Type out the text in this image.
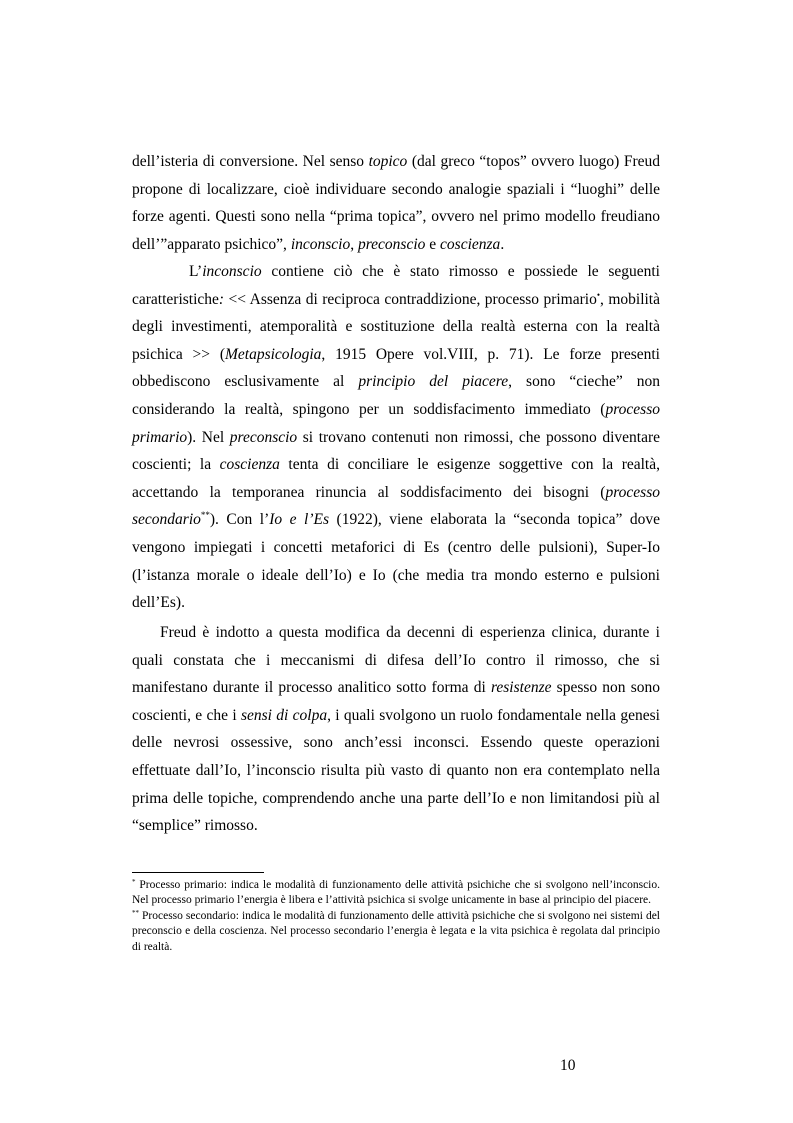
dell’isteria di conversione. Nel senso topico (dal greco “topos” ovvero luogo) Freud propone di localizzare, cioè individuare secondo analogie spaziali i “luoghi” delle forze agenti. Questi sono nella “prima topica”, ovvero nel primo modello freudiano dell’”apparato psichico”, inconscio, preconscio e coscienza.

L’inconscio contiene ciò che è stato rimosso e possiede le seguenti caratteristiche: << Assenza di reciproca contraddizione, processo primario•, mobilità degli investimenti, atemporalità e sostituzione della realtà esterna con la realtà psichica >> (Metapsicologia, 1915 Opere vol.VIII, p. 71). Le forze presenti obbediscono esclusivamente al principio del piacere, sono “cieche” non considerando la realtà, spingono per un soddisfacimento immediato (processo primario). Nel preconscio si trovano contenuti non rimossi, che possono diventare coscienti; la coscienza tenta di conciliare le esigenze soggettive con la realtà, accettando la temporanea rinuncia al soddisfacimento dei bisogni (processo secondario**). Con l’Io e l’Es (1922), viene elaborata la “seconda topica” dove vengono impiegati i concetti metaforici di Es (centro delle pulsioni), Super-Io (l’istanza morale o ideale dell’Io) e Io (che media tra mondo esterno e pulsioni dell’Es).

Freud è indotto a questa modifica da decenni di esperienza clinica, durante i quali constata che i meccanismi di difesa dell’Io contro il rimosso, che si manifestano durante il processo analitico sotto forma di resistenze spesso non sono coscienti, e che i sensi di colpa, i quali svolgono un ruolo fondamentale nella genesi delle nevrosi ossessive, sono anch’essi inconsci. Essendo queste operazioni effettuate dall’Io, l’inconscio risulta più vasto di quanto non era contemplato nella prima delle topiche, comprendendo anche una parte dell’Io e non limitandosi più al “semplice” rimosso.

* Processo primario: indica le modalità di funzionamento delle attività psichiche che si svolgono nell’inconscio. Nel processo primario l’energia è libera e l’attività psichica si svolge unicamente in base al principio del piacere.

** Processo secondario: indica le modalità di funzionamento delle attività psichiche che si svolgono nei sistemi del preconscio e della coscienza. Nel processo secondario l’energia è legata e la vita psichica è regolata dal principio di realtà.

10
